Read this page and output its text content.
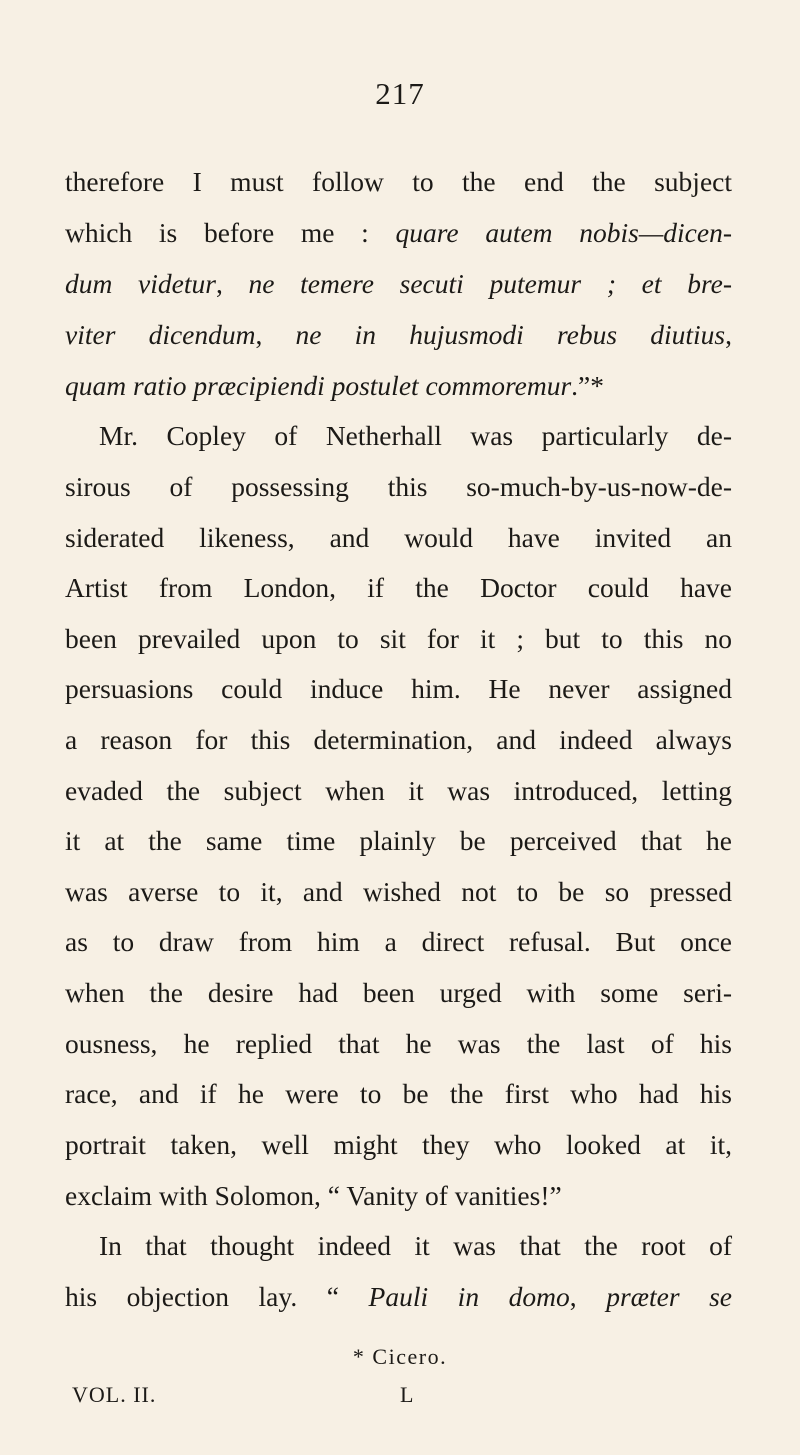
217
therefore I must follow to the end the subject
which is before me : quare autem nobis—dicen-
dum videtur, ne temere secuti putemur ; et bre-
viter dicendum, ne in hujusmodi rebus diutius,
quam ratio præcipiendi postulet commoremur.”*
Mr. Copley of Netherhall was particularly de-
sirous of possessing this so-much-by-us-now-de-
siderated likeness, and would have invited an
Artist from London, if the Doctor could have
been prevailed upon to sit for it ; but to this no
persuasions could induce him. He never assigned
a reason for this determination, and indeed always
evaded the subject when it was introduced, letting
it at the same time plainly be perceived that he
was averse to it, and wished not to be so pressed
as to draw from him a direct refusal. But once
when the desire had been urged with some seri-
ousness, he replied that he was the last of his
race, and if he were to be the first who had his
portrait taken, well might they who looked at it,
exclaim with Solomon, “ Vanity of vanities!”
In that thought indeed it was that the root of
his objection lay. “ Pauli in domo, præter se
* Cicero.
VOL. II.	L
